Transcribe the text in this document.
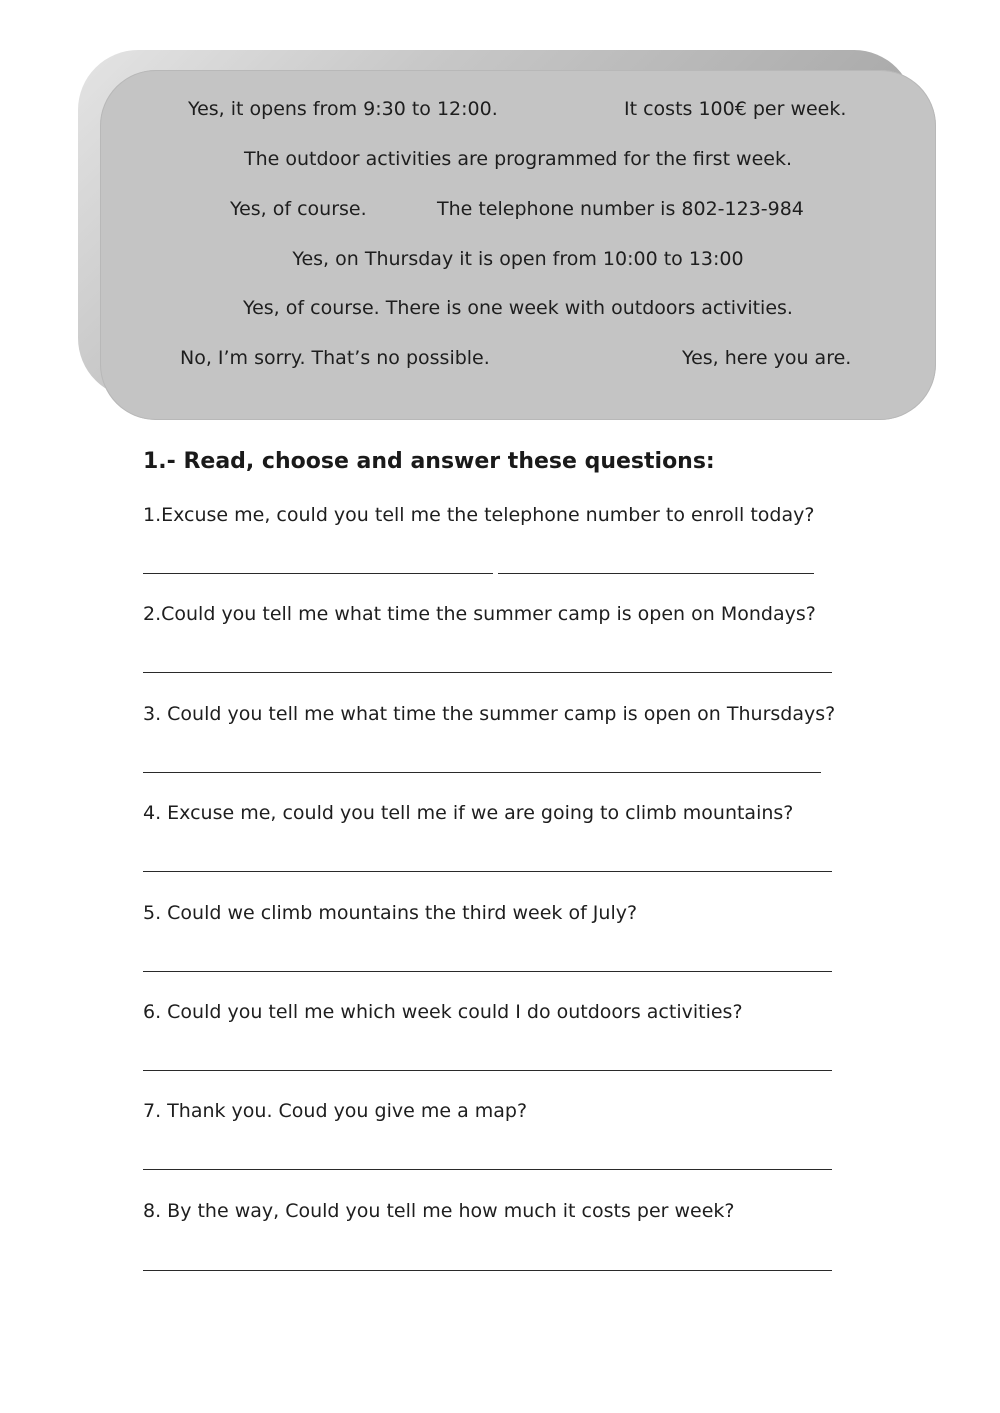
Yes, it opens from 9:30 to 12:00.	It costs 100€ per week.
The outdoor activities are programmed for the first week.
Yes, of course.	The telephone number is 802-123-984
Yes, on Thursday it is open from 10:00 to 13:00
Yes, of course. There is one week with outdoors activities.
No, I’m sorry. That’s no possible.	Yes, here you are.
1.- Read, choose and answer these questions:
1.Excuse me, could you tell me the telephone number to enroll today?
2.Could you tell me what time the summer camp is open on Mondays?
3. Could you tell me what time the summer camp is open on Thursdays?
4. Excuse me, could you tell me if we are going to climb mountains?
5. Could we climb mountains the third week of July?
6. Could you tell me which week could I do outdoors activities?
7. Thank you. Coud you give me a map?
8. By the way, Could you tell me how much it costs per week?
